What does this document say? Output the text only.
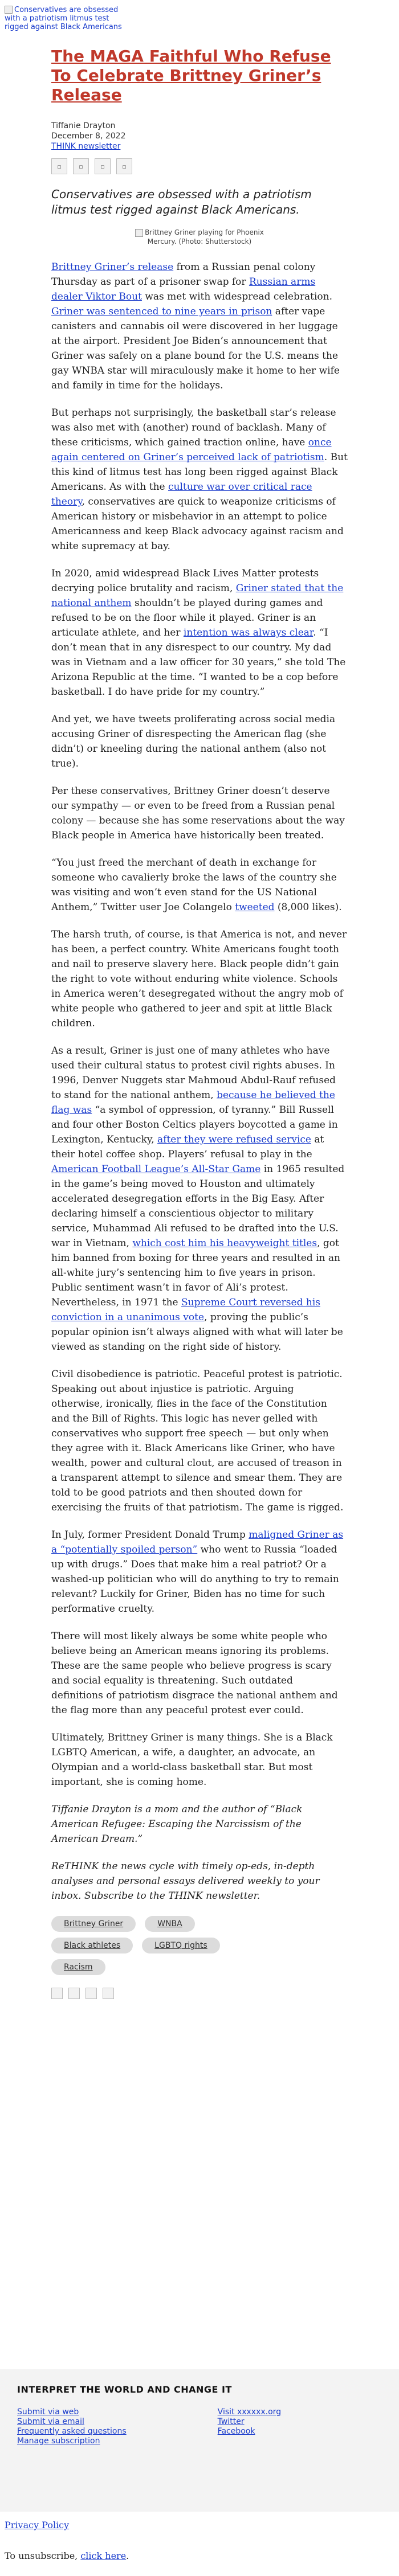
Conservatives are obsessed with a patriotism litmus test rigged against Black Americans
The MAGA Faithful Who Refuse To Celebrate Brittney Griner’s Release
Tiffanie Drayton
December 8, 2022
THINK newsletter
▫	▫	▫	▫
Conservatives are obsessed with a patriotism litmus test rigged against Black Americans.
Brittney Griner playing for Phoenix Mercury. (Photo: Shutterstock)

Brittney Griner’s release from a Russian penal colony Thursday as part of a prisoner swap for Russian arms dealer Viktor Bout was met with widespread celebration. Griner was sentenced to nine years in prison after vape canisters and cannabis oil were discovered in her luggage at the airport. President Joe Biden’s announcement that Griner was safely on a plane bound for the U.S. means the gay WNBA star will miraculously make it home to her wife and family in time for the holidays.

But perhaps not surprisingly, the basketball star’s release was also met with (another) round of backlash. Many of these criticisms, which gained traction online, have once again centered on Griner’s perceived lack of patriotism. But this kind of litmus test has long been rigged against Black Americans. As with the culture war over critical race theory, conservatives are quick to weaponize criticisms of American history or misbehavior in an attempt to police Americanness and keep Black advocacy against racism and white supremacy at bay.

In 2020, amid widespread Black Lives Matter protests decrying police brutality and racism, Griner stated that the national anthem shouldn’t be played during games and refused to be on the floor while it played. Griner is an articulate athlete, and her intention was always clear. “I don’t mean that in any disrespect to our country. My dad was in Vietnam and a law officer for 30 years,” she told The Arizona Republic at the time. “I wanted to be a cop before basketball. I do have pride for my country.”

And yet, we have tweets proliferating across social media accusing Griner of disrespecting the American flag (she didn’t) or kneeling during the national anthem (also not true).

Per these conservatives, Brittney Griner doesn’t deserve our sympathy — or even to be freed from a Russian penal colony — because she has some reservations about the way Black people in America have historically been treated.

“You just freed the merchant of death in exchange for someone who cavalierly broke the laws of the country she was visiting and won’t even stand for the US National Anthem,” Twitter user Joe Colangelo tweeted (8,000 likes).

The harsh truth, of course, is that America is not, and never has been, a perfect country. White Americans fought tooth and nail to preserve slavery here. Black people didn’t gain the right to vote without enduring white violence. Schools in America weren’t desegregated without the angry mob of white people who gathered to jeer and spit at little Black children.

As a result, Griner is just one of many athletes who have used their cultural status to protest civil rights abuses. In 1996, Denver Nuggets star Mahmoud Abdul-Rauf refused to stand for the national anthem, because he believed the flag was “a symbol of oppression, of tyranny.” Bill Russell and four other Boston Celtics players boycotted a game in Lexington, Kentucky, after they were refused service at their hotel coffee shop. Players’ refusal to play in the American Football League’s All-Star Game in 1965 resulted in the game’s being moved to Houston and ultimately accelerated desegregation efforts in the Big Easy. After declaring himself a conscientious objector to military service, Muhammad Ali refused to be drafted into the U.S. war in Vietnam, which cost him his heavyweight titles, got him banned from boxing for three years and resulted in an all-white jury’s sentencing him to five years in prison. Public sentiment wasn’t in favor of Ali’s protest. Nevertheless, in 1971 the Supreme Court reversed his conviction in a unanimous vote, proving the public’s popular opinion isn’t always aligned with what will later be viewed as standing on the right side of history.

Civil disobedience is patriotic. Peaceful protest is patriotic. Speaking out about injustice is patriotic. Arguing otherwise, ironically, flies in the face of the Constitution and the Bill of Rights. This logic has never gelled with conservatives who support free speech — but only when they agree with it. Black Americans like Griner, who have wealth, power and cultural clout, are accused of treason in a transparent attempt to silence and smear them. They are told to be good patriots and then shouted down for exercising the fruits of that patriotism. The game is rigged.

In July, former President Donald Trump maligned Griner as a “potentially spoiled person” who went to Russia “loaded up with drugs.” Does that make him a real patriot? Or a washed-up politician who will do anything to try to remain relevant? Luckily for Griner, Biden has no time for such performative cruelty.

There will most likely always be some white people who believe being an American means ignoring its problems. These are the same people who believe progress is scary and social equality is threatening. Such outdated definitions of patriotism disgrace the national anthem and the flag more than any peaceful protest ever could.

Ultimately, Brittney Griner is many things. She is a Black LGBTQ American, a wife, a daughter, an advocate, an Olympian and a world-class basketball star. But most important, she is coming home.

Tiffanie Drayton is a mom and the author of “Black American Refugee: Escaping the Narcissism of the American Dream.”

ReTHINK the news cycle with timely op-eds, in-depth analyses and personal essays delivered weekly to your inbox. Subscribe to the THINK newsletter.

Brittney Griner	WNBA
Black athletes	LGBTQ rights
Racism
INTERPRET THE WORLD AND CHANGE IT
Submit via web
Submit via email
Frequently asked questions
Manage subscription
Visit xxxxxx.org
Twitter
Facebook
Privacy Policy
To unsubscribe, click here.
